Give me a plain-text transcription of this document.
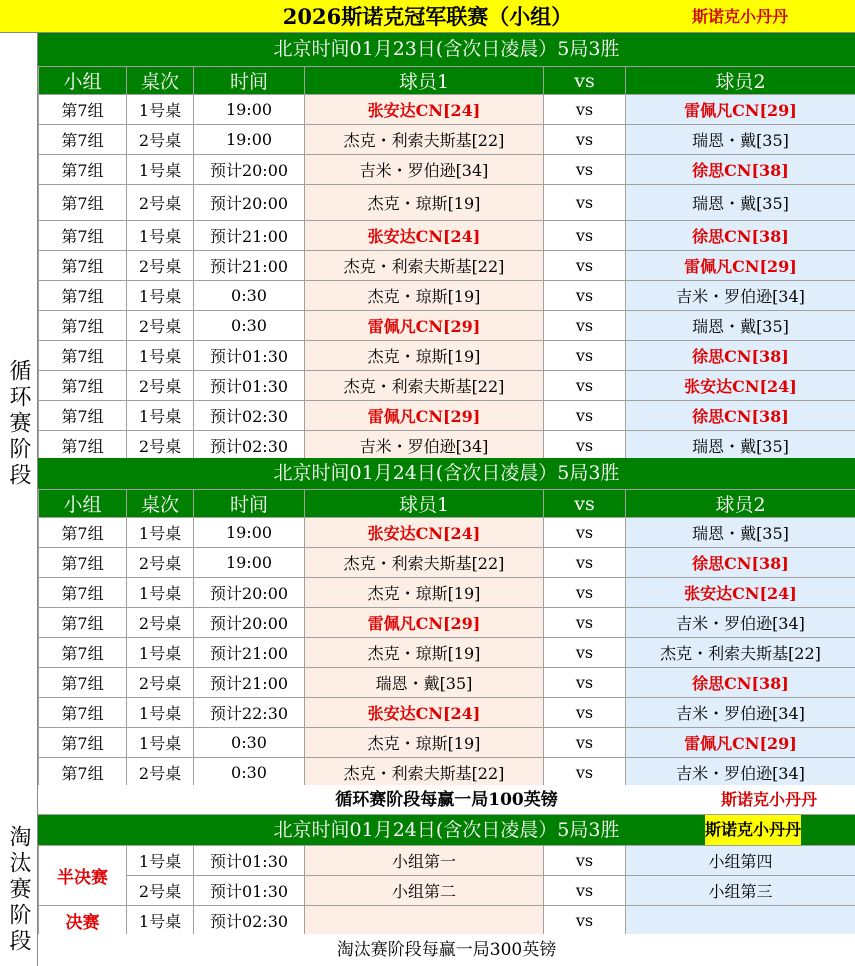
2026斯诺克冠军联赛（小组）	斯诺克小丹丹
循环赛阶段
淘汰赛阶段
北京时间01月23日(含次日凌晨）5局3胜
小组	桌次	时间	球员1	vs	球员2
第7组	1号桌	19:00	张安达CN[24]	vs	雷佩凡CN[29]
第7组	2号桌	19:00	杰克・利索夫斯基[22]	vs	瑞恩・戴[35]
第7组	1号桌	预计20:00	吉米・罗伯逊[34]	vs	徐思CN[38]
第7组	2号桌	预计20:00	杰克・琼斯[19]	vs	瑞恩・戴[35]
第7组	1号桌	预计21:00	张安达CN[24]	vs	徐思CN[38]
第7组	2号桌	预计21:00	杰克・利索夫斯基[22]	vs	雷佩凡CN[29]
第7组	1号桌	0:30	杰克・琼斯[19]	vs	吉米・罗伯逊[34]
第7组	2号桌	0:30	雷佩凡CN[29]	vs	瑞恩・戴[35]
第7组	1号桌	预计01:30	杰克・琼斯[19]	vs	徐思CN[38]
第7组	2号桌	预计01:30	杰克・利索夫斯基[22]	vs	张安达CN[24]
第7组	1号桌	预计02:30	雷佩凡CN[29]	vs	徐思CN[38]
第7组	2号桌	预计02:30	吉米・罗伯逊[34]	vs	瑞恩・戴[35]
北京时间01月24日(含次日凌晨）5局3胜
小组	桌次	时间	球员1	vs	球员2
第7组	1号桌	19:00	张安达CN[24]	vs	瑞恩・戴[35]
第7组	2号桌	19:00	杰克・利索夫斯基[22]	vs	徐思CN[38]
第7组	1号桌	预计20:00	杰克・琼斯[19]	vs	张安达CN[24]
第7组	2号桌	预计20:00	雷佩凡CN[29]	vs	吉米・罗伯逊[34]
第7组	1号桌	预计21:00	杰克・琼斯[19]	vs	杰克・利索夫斯基[22]
第7组	2号桌	预计21:00	瑞恩・戴[35]	vs	徐思CN[38]
第7组	1号桌	预计22:30	张安达CN[24]	vs	吉米・罗伯逊[34]
第7组	1号桌	0:30	杰克・琼斯[19]	vs	雷佩凡CN[29]
第7组	2号桌	0:30	杰克・利索夫斯基[22]	vs	吉米・罗伯逊[34]
循环赛阶段每赢一局100英镑	斯诺克小丹丹
北京时间01月24日(含次日凌晨）5局3胜	斯诺克小丹丹
半决赛	1号桌	预计01:30	小组第一	vs	小组第四
	2号桌	预计01:30	小组第二	vs	小组第三
决赛	1号桌	预计02:30		vs	
淘汰赛阶段每赢一局300英镑
